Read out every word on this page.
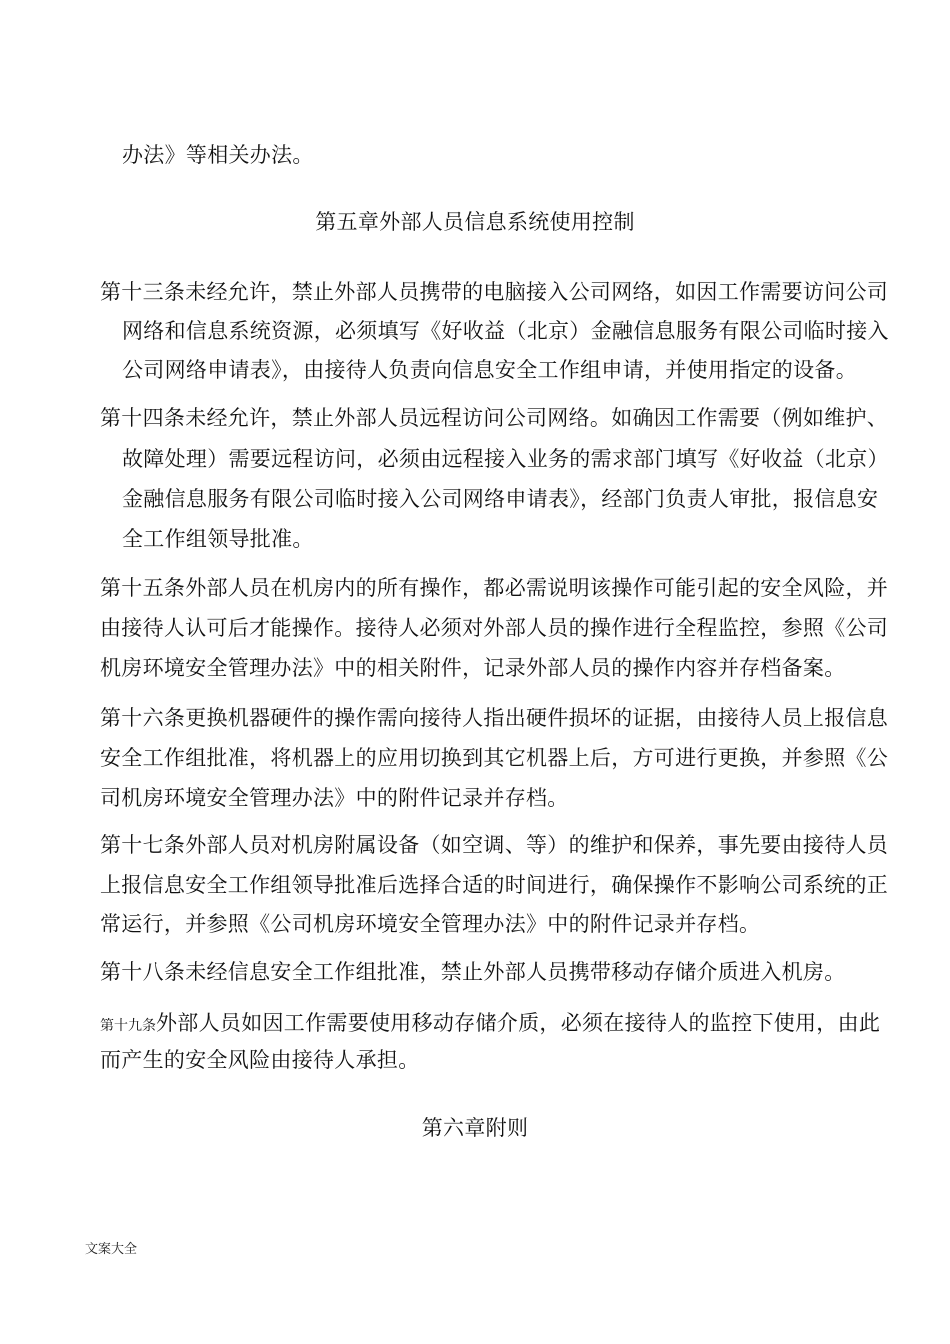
办法》等相关办法。
第五章外部人员信息系统使用控制
第十三条未经允许，禁止外部人员携带的电脑接入公司网络，如因工作需要访问公司
网络和信息系统资源，必须填写《好收益（北京）金融信息服务有限公司临时接入
公司网络申请表》，由接待人负责向信息安全工作组申请，并使用指定的设备。
第十四条未经允许，禁止外部人员远程访问公司网络。如确因工作需要（例如维护、
故障处理）需要远程访问，必须由远程接入业务的需求部门填写《好收益（北京）
金融信息服务有限公司临时接入公司网络申请表》，经部门负责人审批，报信息安
全工作组领导批准。
第十五条外部人员在机房内的所有操作，都必需说明该操作可能引起的安全风险，并
由接待人认可后才能操作。接待人必须对外部人员的操作进行全程监控，参照《公司
机房环境安全管理办法》中的相关附件，记录外部人员的操作内容并存档备案。
第十六条更换机器硬件的操作需向接待人指出硬件损坏的证据，由接待人员上报信息
安全工作组批准，将机器上的应用切换到其它机器上后，方可进行更换，并参照《公
司机房环境安全管理办法》中的附件记录并存档。
第十七条外部人员对机房附属设备（如空调、等）的维护和保养，事先要由接待人员
上报信息安全工作组领导批准后选择合适的时间进行，确保操作不影响公司系统的正
常运行，并参照《公司机房环境安全管理办法》中的附件记录并存档。
第十八条未经信息安全工作组批准，禁止外部人员携带移动存储介质进入机房。
第十九条外部人员如因工作需要使用移动存储介质，必须在接待人的监控下使用，由此
而产生的安全风险由接待人承担。
第六章附则
文案大全
